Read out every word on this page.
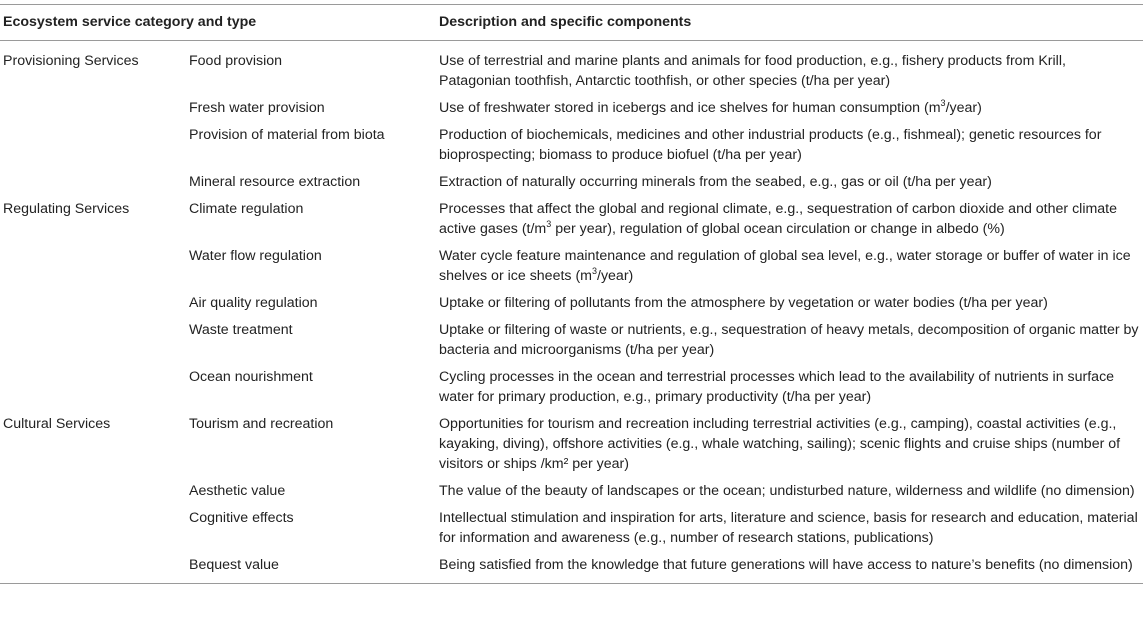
Ecosystem service category and type		Description and specific components
Provisioning Services	Food provision	Use of terrestrial and marine plants and animals for food production, e.g., fishery products from Krill, Patagonian toothfish, Antarctic toothfish, or other species (t/ha per year)
	Fresh water provision	Use of freshwater stored in icebergs and ice shelves for human consumption $(m^3/year)$
	Provision of material from biota	Production of biochemicals, medicines and other industrial products (e.g., fishmeal); genetic resources for bioprospecting; biomass to produce biofuel (t/ha per year)
	Mineral resource extraction	Extraction of naturally occurring minerals from the seabed, e.g., gas or oil (t/ha per year)
Regulating Services	Climate regulation	Processes that affect the global and regional climate, e.g., sequestration of carbon dioxide and other climate active gases ($t/m^3$ per year), regulation of global ocean circulation or change in albedo (%)
	Water flow regulation	Water cycle feature maintenance and regulation of global sea level, e.g., water storage or buffer of water in ice shelves or ice sheets $(m^3/year)$
	Air quality regulation	Uptake or filtering of pollutants from the atmosphere by vegetation or water bodies (t/ha per year)
	Waste treatment	Uptake or filtering of waste or nutrients, e.g., sequestration of heavy metals, decomposition of organic matter by bacteria and microorganisms (t/ha per year)
	Ocean nourishment	Cycling processes in the ocean and terrestrial processes which lead to the availability of nutrients in surface water for primary production, e.g., primary productivity (t/ha per year)
Cultural Services	Tourism and recreation	Opportunities for tourism and recreation including terrestrial activities (e.g., camping), coastal activities (e.g., kayaking, diving), offshore activities (e.g., whale watching, sailing); scenic flights and cruise ships (number of visitors or ships /km² per year)
	Aesthetic value	The value of the beauty of landscapes or the ocean; undisturbed nature, wilderness and wildlife (no dimension)
	Cognitive effects	Intellectual stimulation and inspiration for arts, literature and science, basis for research and education, material for information and awareness (e.g., number of research stations, publications)
	Bequest value	Being satisfied from the knowledge that future generations will have access to nature’s benefits (no dimension)
